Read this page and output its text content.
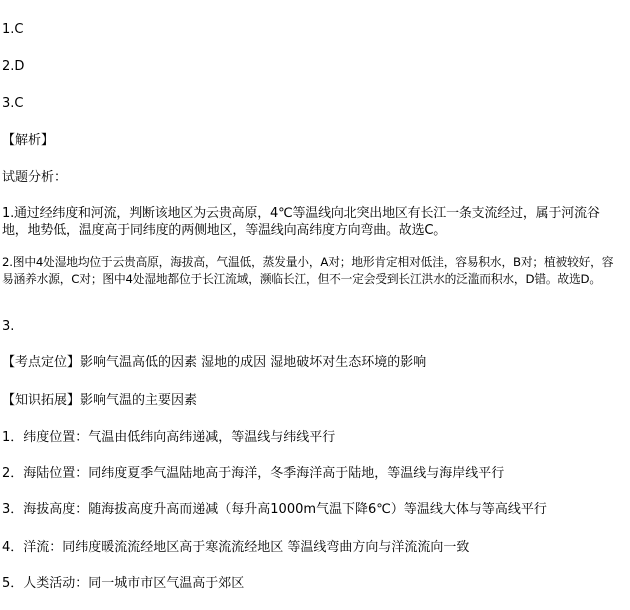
1.C
2.D
3.C
【解析】
试题分析：
1.通过经纬度和河流，判断该地区为云贵高原，4℃等温线向北突出地区有长江一条支流经过，属于河流谷地，地势低，温度高于同纬度的两侧地区，等温线向高纬度方向弯曲。故选C。
2.图中4处湿地均位于云贵高原，海拔高，气温低，蒸发量小，A对；地形肯定相对低洼，容易积水，B对；植被较好，容易涵养水源，C对；图中4处湿地都位于长江流域，濒临长江，但不一定会受到长江洪水的泛滥而积水，D错。故选D。
3.
【考点定位】影响气温高低的因素 湿地的成因 湿地破坏对生态环境的影响
【知识拓展】影响气温的主要因素
1．纬度位置：气温由低纬向高纬递减，等温线与纬线平行
2．海陆位置：同纬度夏季气温陆地高于海洋，冬季海洋高于陆地，等温线与海岸线平行
3．海拔高度：随海拔高度升高而递减（每升高1000m气温下降6℃）等温线大体与等高线平行
4．洋流：同纬度暖流流经地区高于寒流流经地区 等温线弯曲方向与洋流流向一致
5．人类活动：同一城市市区气温高于郊区
